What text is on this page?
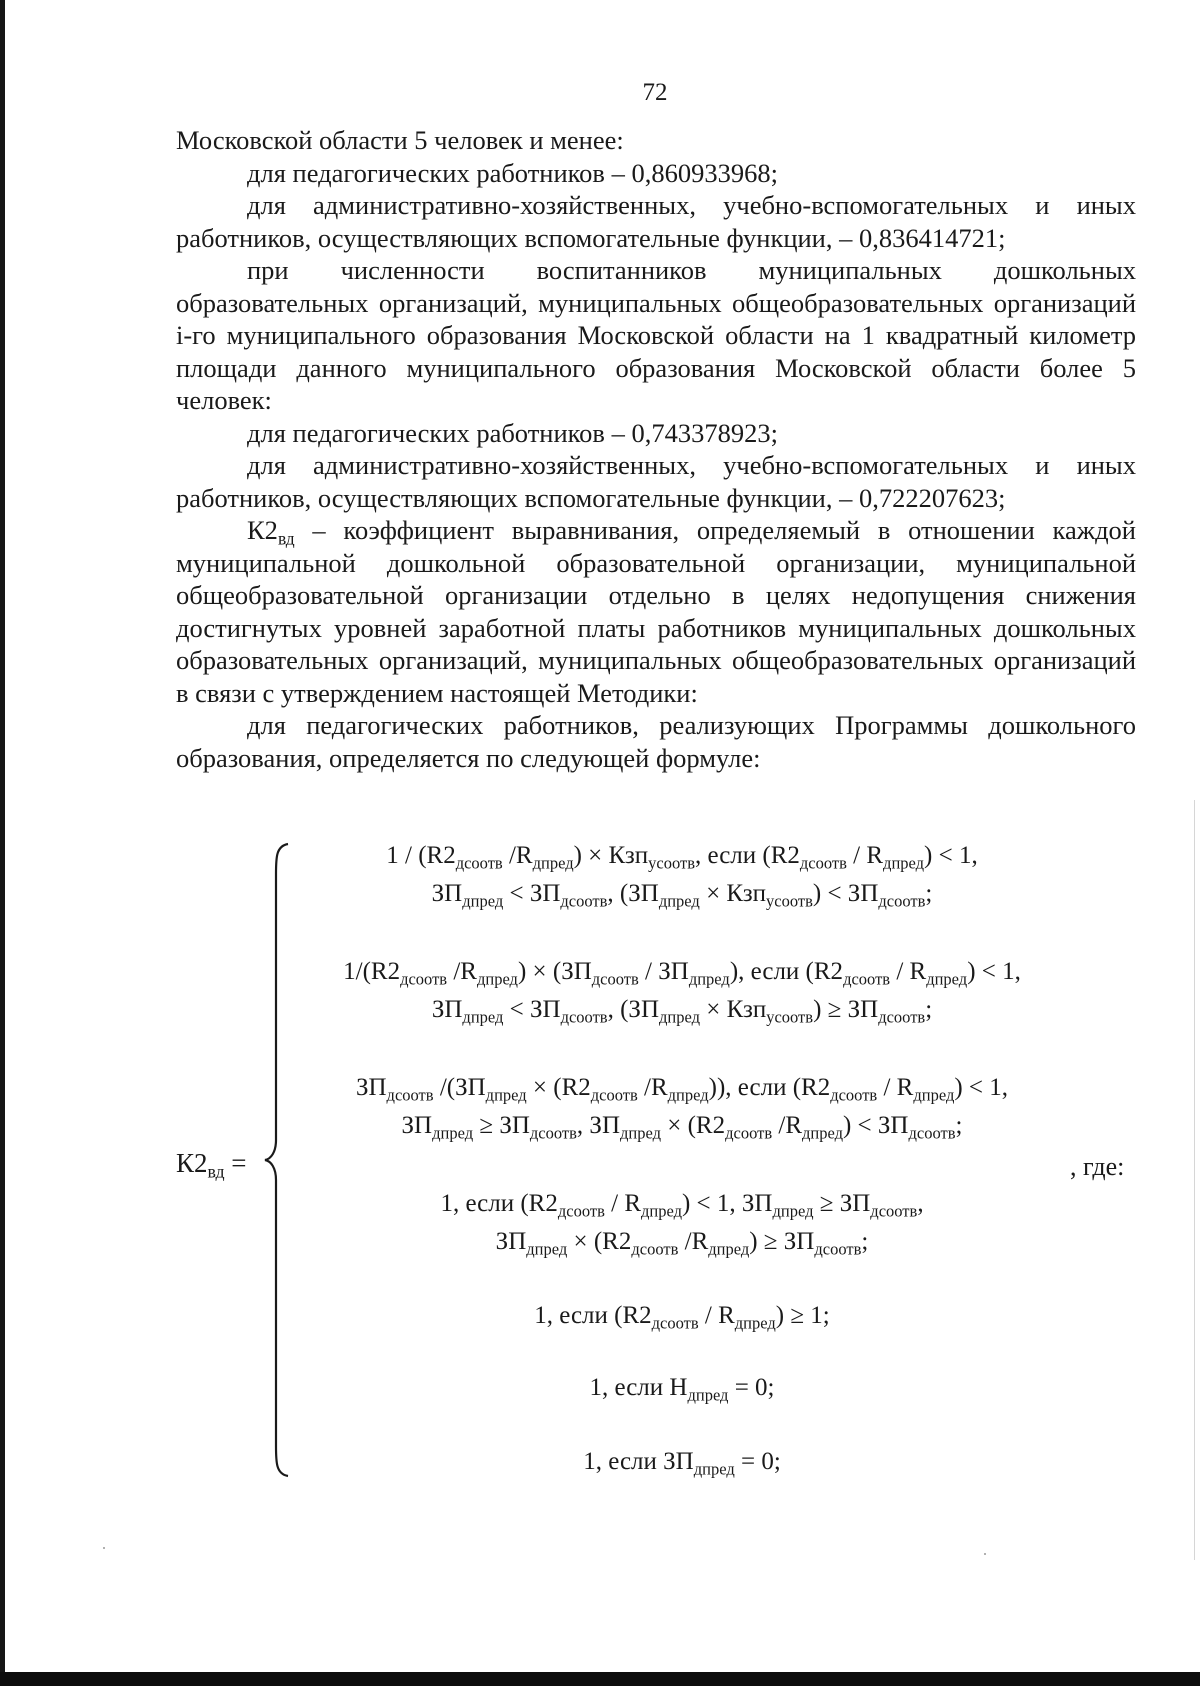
72

Московской области 5 человек и менее:

для педагогических работников – 0,860933968;

для административно-хозяйственных, учебно-вспомогательных и иных работников, осуществляющих вспомогательные функции, – 0,836414721;

при численности воспитанников муниципальных дошкольных образовательных организаций, муниципальных общеобразовательных организаций i-го муниципального образования Московской области на 1 квадратный километр площади данного муниципального образования Московской области более 5 человек:

для педагогических работников – 0,743378923;

для административно-хозяйственных, учебно-вспомогательных и иных работников, осуществляющих вспомогательные функции, – 0,722207623;

$К2_{вд}$ – коэффициент выравнивания, определяемый в отношении каждой муниципальной дошкольной образовательной организации, муниципальной общеобразовательной организации отдельно в целях недопущения снижения достигнутых уровней заработной платы работников муниципальных дошкольных образовательных организаций, муниципальных общеобразовательных организаций в связи с утверждением настоящей Методики:

для педагогических работников, реализующих Программы дошкольного образования, определяется по следующей формуле:

$К2_{вд}$ =
$1 / (R2_{дсоотв}$ $/R_{дпред}) \times Кзп_{усоотв}$, если $(R2_{дсоотв} / R_{дпред}) < 1$,
$ЗП_{дпред} < ЗП_{дсоотв}$, $(ЗП_{дпред} \times Кзп_{усоотв}) < ЗП_{дсоотв}$;
$1/(R2_{дсоотв}$ $/R_{дпред}) \times (ЗП_{дсоотв} / ЗП_{дпред})$, если $(R2_{дсоотв} / R_{дпред}) < 1$,
$ЗП_{дпред} < ЗП_{дсоотв}$, $(ЗП_{дпред} \times Кзп_{усоотв}) \ge ЗП_{дсоотв}$;
$ЗП_{дсоотв}$ $/(ЗП_{дпред} \times (R2_{дсоотв}$ $/R_{дпред}$)), если $(R2_{дсоотв} / R_{дпред}) < 1$,
$ЗП_{дпред} \ge ЗП_{дсоотв}$, $ЗП_{дпред} \times (R2_{дсоотв}$ $/R_{дпред}) < ЗП_{дсоотв}$;
, где:
1, если $(R2_{дсоотв} / R_{дпред}) < 1$, $ЗП_{дпред} \ge ЗП_{дсоотв}$,
$ЗП_{дпред} \times (R2_{дсоотв}$ $/R_{дпред}) \ge ЗП_{дсоотв}$;
1, если $(R2_{дсоотв} / R_{дпред}) \ge 1$;
1, если $Н_{дпред} = 0$;
1, если $ЗП_{дпред} = 0$;
